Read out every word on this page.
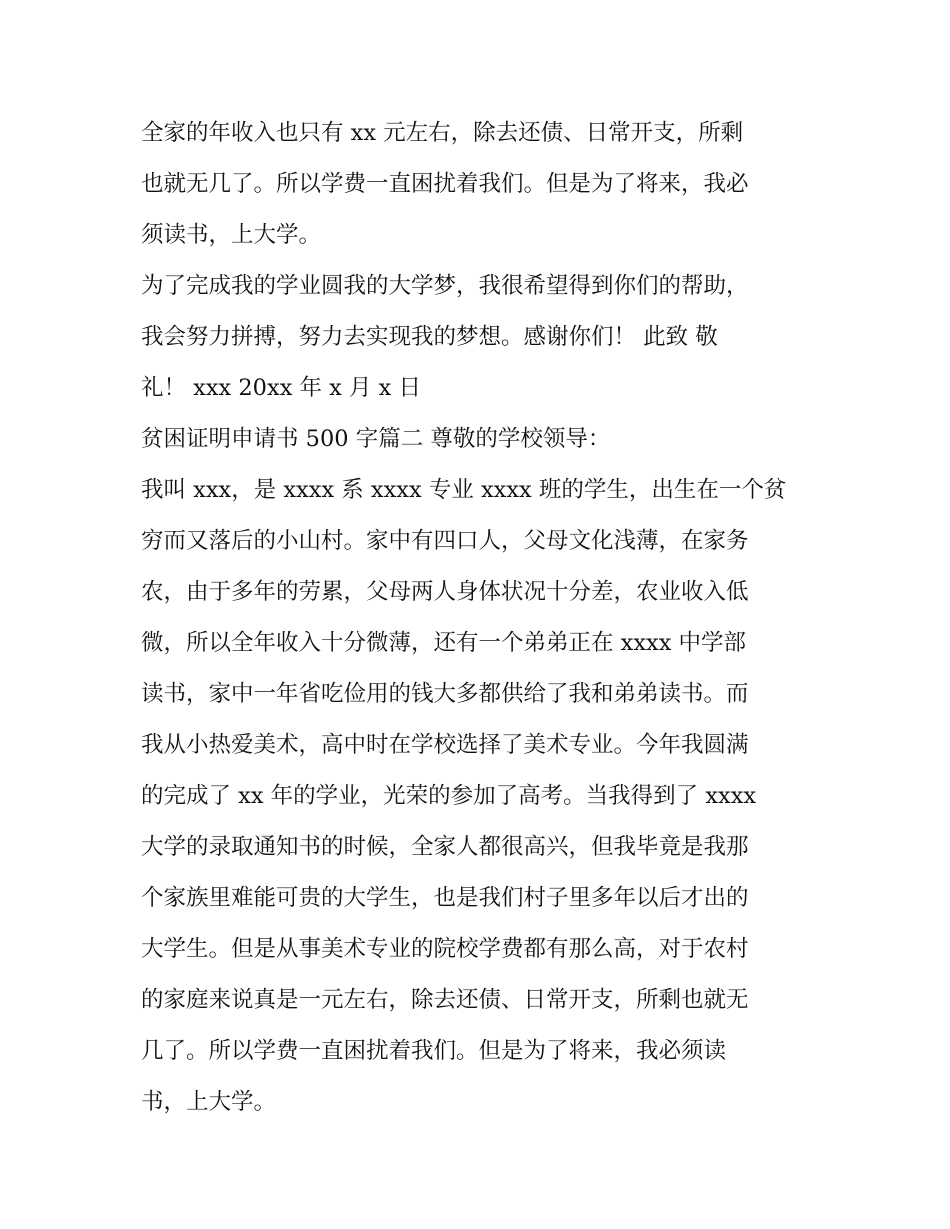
全家的年收入也只有 xx 元左右，除去还债、日常开支，所剩
也就无几了。所以学费一直困扰着我们。但是为了将来，我必
须读书，上大学。
为了完成我的学业圆我的大学梦，我很希望得到你们的帮助，
我会努力拼搏，努力去实现我的梦想。感谢你们！ 此致 敬
礼！ xxx 20xx 年 x 月 x 日
贫困证明申请书 500 字篇二 尊敬的学校领导：
我叫 xxx，是 xxxx 系 xxxx 专业 xxxx 班的学生，出生在一个贫
穷而又落后的小山村。家中有四口人，父母文化浅薄，在家务
农，由于多年的劳累，父母两人身体状况十分差，农业收入低
微，所以全年收入十分微薄，还有一个弟弟正在 xxxx 中学部
读书，家中一年省吃俭用的钱大多都供给了我和弟弟读书。而
我从小热爱美术，高中时在学校选择了美术专业。今年我圆满
的完成了 xx 年的学业，光荣的参加了高考。当我得到了 xxxx
大学的录取通知书的时候，全家人都很高兴，但我毕竟是我那
个家族里难能可贵的大学生，也是我们村子里多年以后才出的
大学生。但是从事美术专业的院校学费都有那么高，对于农村
的家庭来说真是一元左右，除去还债、日常开支，所剩也就无
几了。所以学费一直困扰着我们。但是为了将来，我必须读
书，上大学。
